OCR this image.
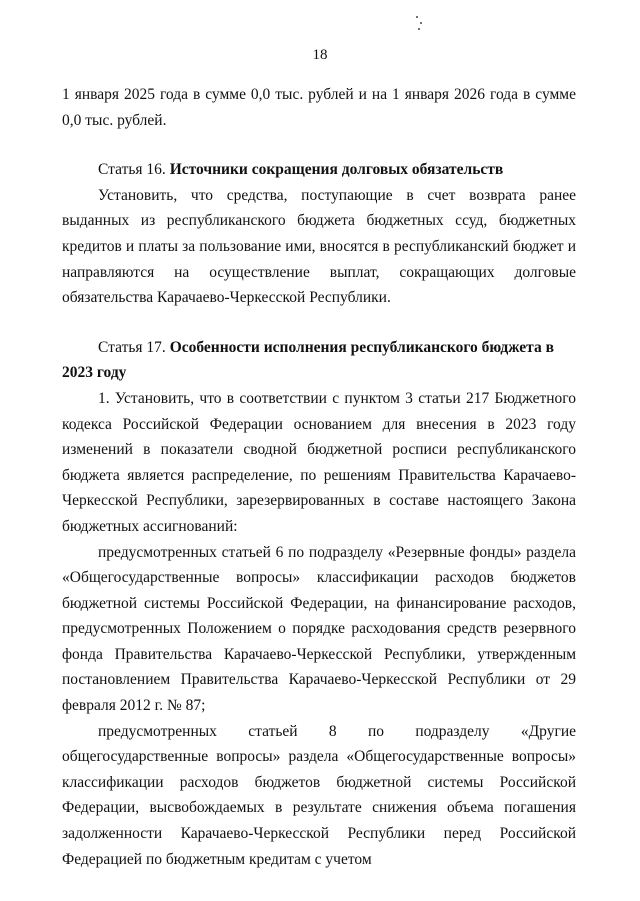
18

1 января 2025 года в сумме 0,0 тыс. рублей и на 1 января 2026 года в сумме 0,0 тыс. рублей.

Статья 16. Источники сокращения долговых обязательств

Установить, что средства, поступающие в счет возврата ранее выданных из республиканского бюджета бюджетных ссуд, бюджетных кредитов и платы за пользование ими, вносятся в республиканский бюджет и направляются на осуществление выплат, сокращающих долговые обязательства Карачаево-Черкесской Республики.

Статья 17. Особенности исполнения республиканского бюджета в 2023 году

1. Установить, что в соответствии с пунктом 3 статьи 217 Бюджетного кодекса Российской Федерации основанием для внесения в 2023 году изменений в показатели сводной бюджетной росписи республиканского бюджета является распределение, по решениям Правительства Карачаево-Черкесской Республики, зарезервированных в составе настоящего Закона бюджетных ассигнований:

предусмотренных статьей 6 по подразделу «Резервные фонды» раздела «Общегосударственные вопросы» классификации расходов бюджетов бюджетной системы Российской Федерации, на финансирование расходов, предусмотренных Положением о порядке расходования средств резервного фонда Правительства Карачаево-Черкесской Республики, утвержденным постановлением Правительства Карачаево-Черкесской Республики от 29 февраля 2012 г. № 87;

предусмотренных статьей 8 по подразделу «Другие общегосударственные вопросы» раздела «Общегосударственные вопросы» классификации расходов бюджетов бюджетной системы Российской Федерации, высвобождаемых в результате снижения объема погашения задолженности Карачаево-Черкесской Республики перед Российской Федерацией по бюджетным кредитам с учетом
